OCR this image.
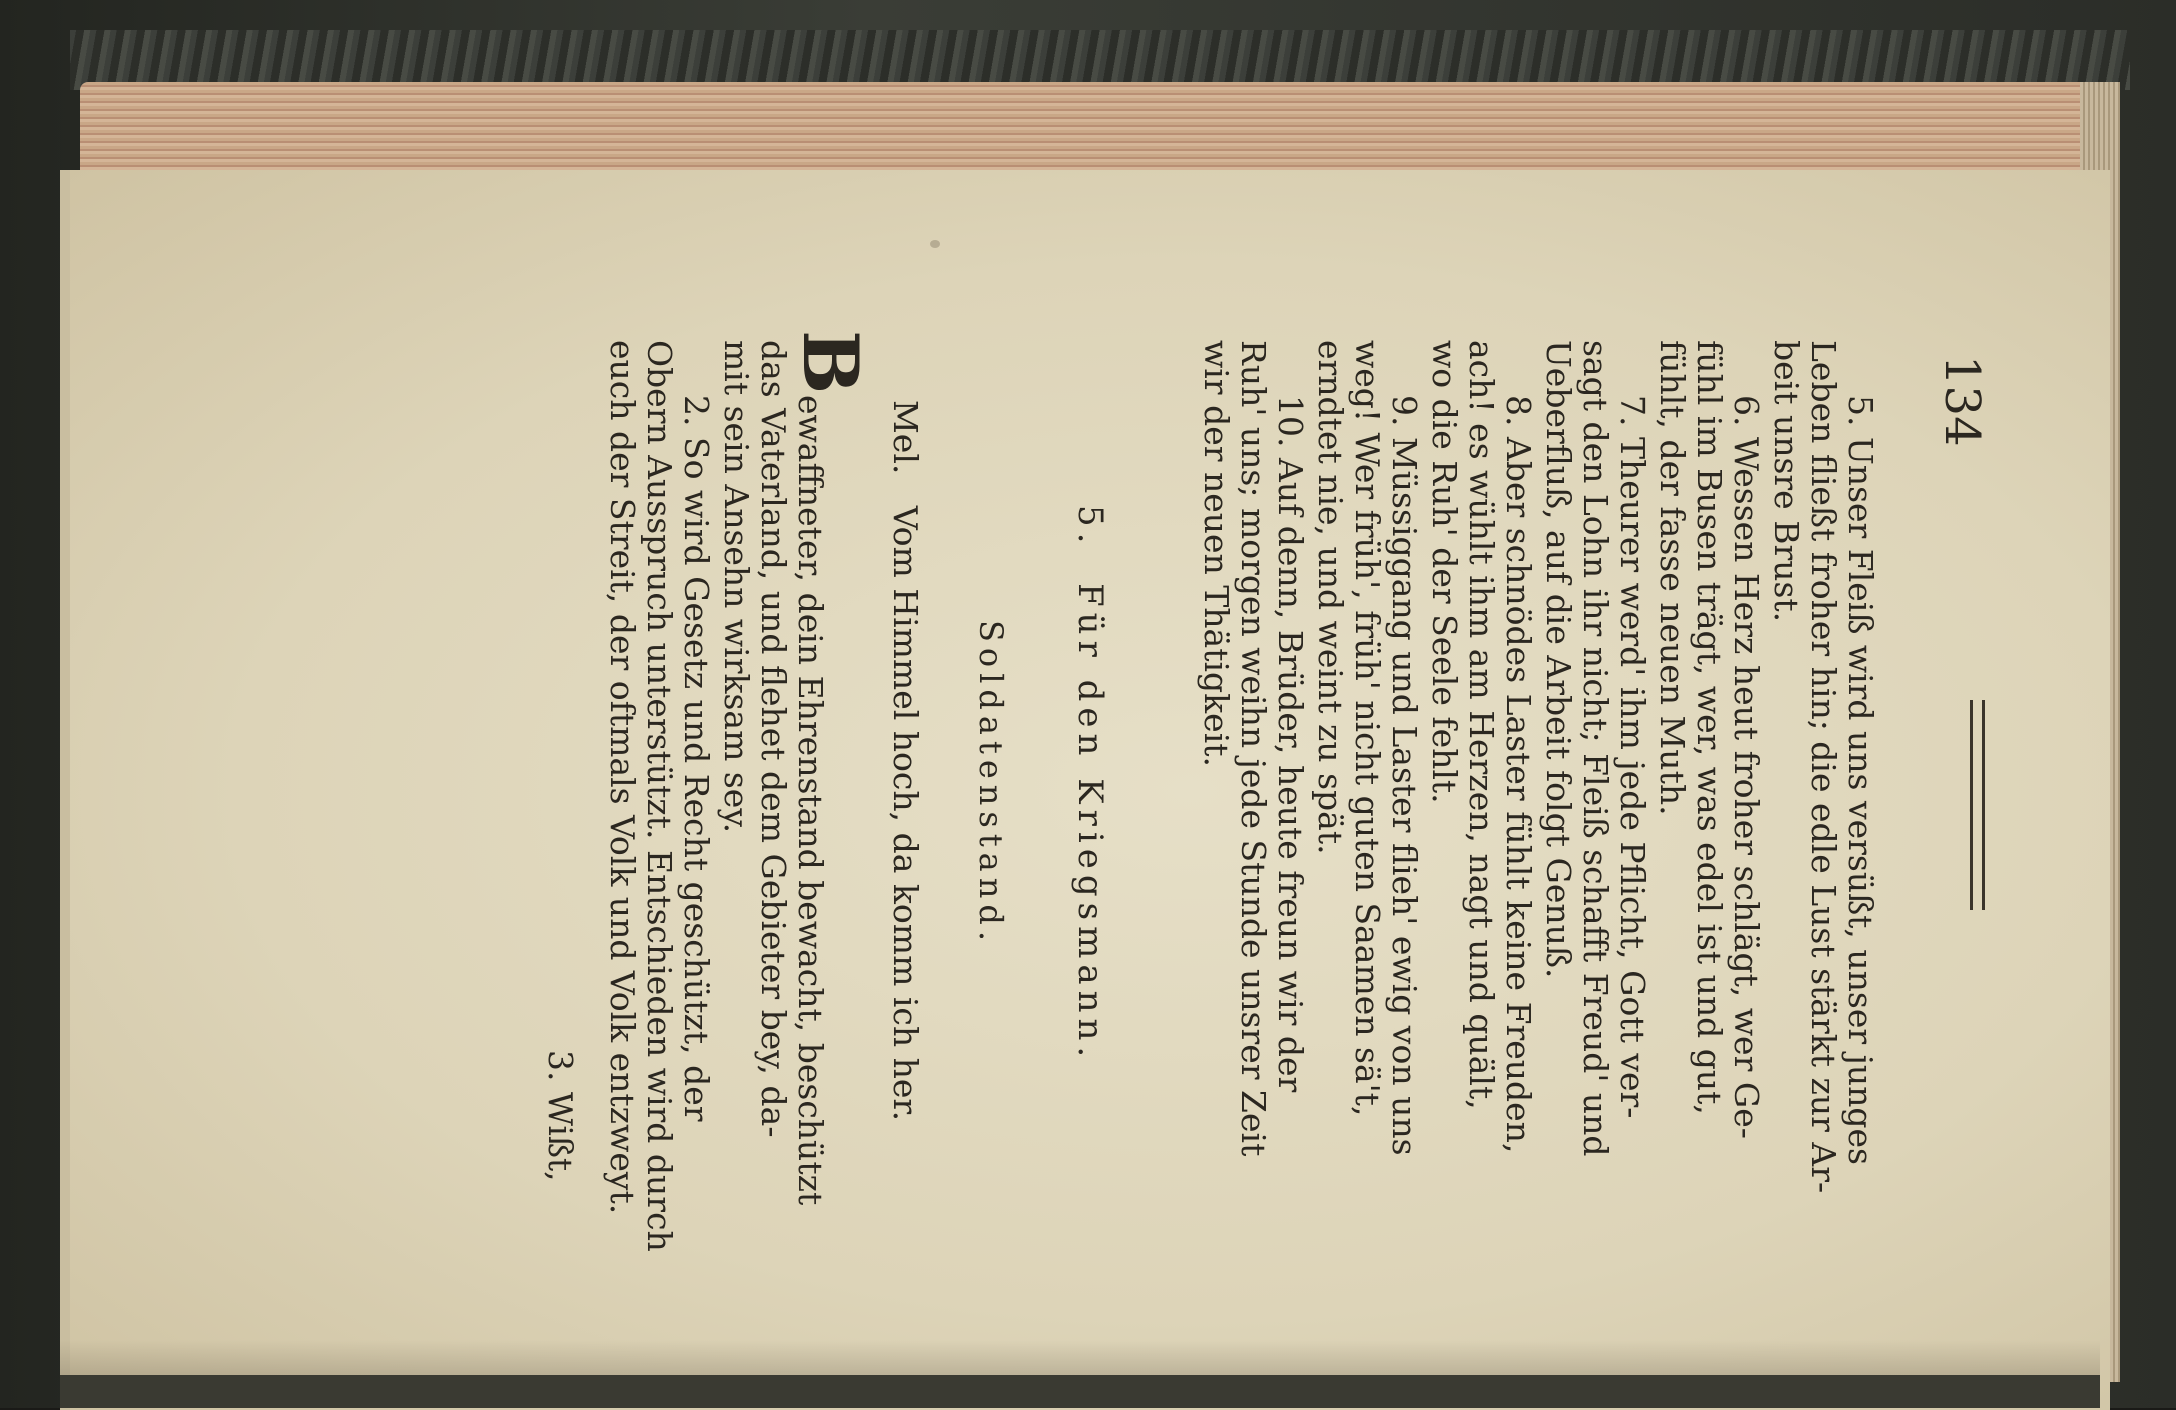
134
5. Unser Fleiß wird uns versüßt, unser junges
Leben fließt froher hin; die edle Lust stärkt zur Ar-
beit unsre Brust.
6. Wessen Herz heut froher schlägt, wer Ge-
fühl im Busen trägt, wer, was edel ist und gut,
fühlt, der fasse neuen Muth.
7. Theurer werd' ihm jede Pflicht, Gott ver-
sagt den Lohn ihr nicht; Fleiß schafft Freud' und
Ueberfluß, auf die Arbeit folgt Genuß.
8. Aber schnödes Laster fühlt keine Freuden,
ach! es wühlt ihm am Herzen, nagt und quält,
wo die Ruh' der Seele fehlt.
9. Müssiggang und Laster flieh' ewig von uns
weg! Wer früh', früh' nicht guten Saamen sä't,
erndtet nie, und weint zu spät.
10. Auf denn, Brüder, heute freun wir der
Ruh' uns; morgen weihn jede Stunde unsrer Zeit
wir der neuen Thätigkeit.
5.  Für den Kriegsmann.
Soldatenstand.
Mel.   Vom Himmel hoch, da komm ich her.
B
ewaffneter, dein Ehrenstand bewacht, beschützt
das Vaterland, und flehet dem Gebieter bey, da-
mit sein Ansehn wirksam sey.
2. So wird Gesetz und Recht geschützt, der
Obern Ausspruch unterstützt. Entschieden wird durch
euch der Streit, der oftmals Volk und Volk entzweyt.
3. Wißt,
